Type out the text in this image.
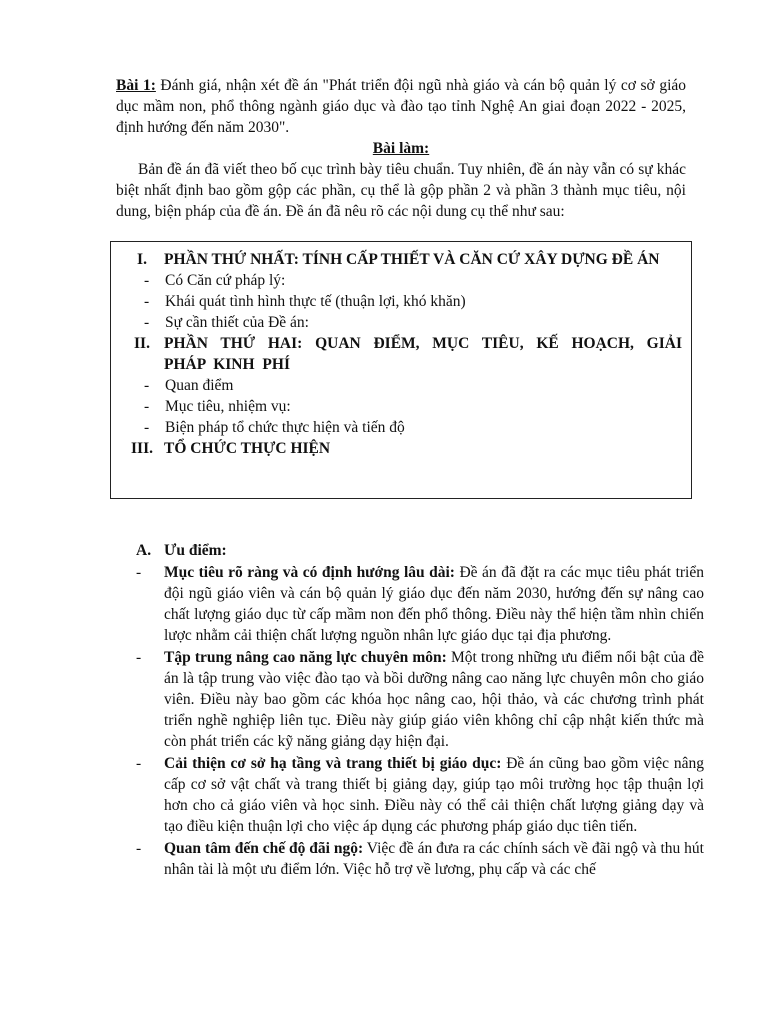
Bài 1: Đánh giá, nhận xét đề án "Phát triển đội ngũ nhà giáo và cán bộ quản lý cơ sở giáo dục mầm non, phổ thông ngành giáo dục và đào tạo tỉnh Nghệ An giai đoạn 2022 - 2025, định hướng đến năm 2030".

Bài làm:

Bản đề án đã viết theo bố cục trình bày tiêu chuẩn. Tuy nhiên, đề án này vẫn có sự khác biệt nhất định bao gồm gộp các phần, cụ thể là gộp phần 2 và phần 3 thành mục tiêu, nội dung, biện pháp của đề án. Đề án đã nêu rõ các nội dung cụ thể như sau:

I.	PHẦN THỨ NHẤT: TÍNH CẤP THIẾT VÀ CĂN CỨ XÂY DỰNG ĐỀ ÁN
-	Có Căn cứ pháp lý:
-	Khái quát tình hình thực tế (thuận lợi, khó khăn)
-	Sự cần thiết của Đề án:
II. PHẦN THỨ HAI: QUAN ĐIỂM, MỤC TIÊU, KẾ HOẠCH, GIẢI PHÁP KINH PHÍ
-	Quan điểm
-	Mục tiêu, nhiệm vụ:
-	Biện pháp tổ chức thực hiện và tiến độ
III. TỔ CHỨC THỰC HIỆN
A. Ưu điểm:
-	Mục tiêu rõ ràng và có định hướng lâu dài: Đề án đã đặt ra các mục tiêu phát triển đội ngũ giáo viên và cán bộ quản lý giáo dục đến năm 2030, hướng đến sự nâng cao chất lượng giáo dục từ cấp mầm non đến phổ thông. Điều này thể hiện tầm nhìn chiến lược nhằm cải thiện chất lượng nguồn nhân lực giáo dục tại địa phương.
-	Tập trung nâng cao năng lực chuyên môn: Một trong những ưu điểm nổi bật của đề án là tập trung vào việc đào tạo và bồi dưỡng nâng cao năng lực chuyên môn cho giáo viên. Điều này bao gồm các khóa học nâng cao, hội thảo, và các chương trình phát triển nghề nghiệp liên tục. Điều này giúp giáo viên không chỉ cập nhật kiến thức mà còn phát triển các kỹ năng giảng dạy hiện đại.
-	Cải thiện cơ sở hạ tầng và trang thiết bị giáo dục: Đề án cũng bao gồm việc nâng cấp cơ sở vật chất và trang thiết bị giảng dạy, giúp tạo môi trường học tập thuận lợi hơn cho cả giáo viên và học sinh. Điều này có thể cải thiện chất lượng giảng dạy và tạo điều kiện thuận lợi cho việc áp dụng các phương pháp giáo dục tiên tiến.
-	Quan tâm đến chế độ đãi ngộ: Việc đề án đưa ra các chính sách về đãi ngộ và thu hút nhân tài là một ưu điểm lớn. Việc hỗ trợ về lương, phụ cấp và các chế
